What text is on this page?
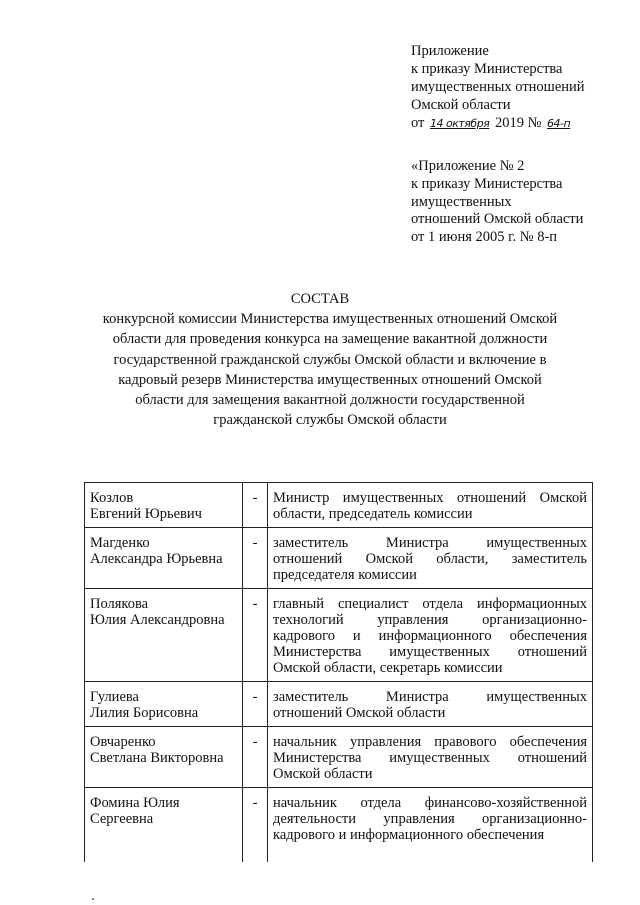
Приложение
к приказу Министерства
имущественных отношений
Омской области
от 14 октября 2019 № 64-п
«Приложение № 2
к приказу Министерства
имущественных
отношений Омской области
от 1 июня 2005 г. № 8-п
СОСТАВ
конкурсной комиссии Министерства имущественных отношений Омской области для проведения конкурса на замещение вакантной должности государственной гражданской службы Омской области и включение в кадровый резерв Министерства имущественных отношений Омской области для замещения вакантной должности государственной гражданской службы Омской области
Козлов
Евгений Юрьевич	-	Министр имущественных отношений Омской области, председатель комиссии

Магденко
Александра Юрьевна	-	заместитель Министра имущественных отношений Омской области, заместитель председателя комиссии

Полякова
Юлия Александровна	-	главный специалист отдела информационных технологий управления организационно-кадрового и информационного обеспечения Министерства имущественных отношений Омской области, секретарь комиссии

Гулиева
Лилия Борисовна	-	заместитель Министра имущественных отношений Омской области

Овчаренко
Светлана Викторовна	-	начальник управления правового обеспечения Министерства имущественных отношений Омской области

Фомина Юлия
Сергеевна	-	начальник отдела финансово-хозяйственной деятельности управления организационно-кадрового и информационного обеспечения
